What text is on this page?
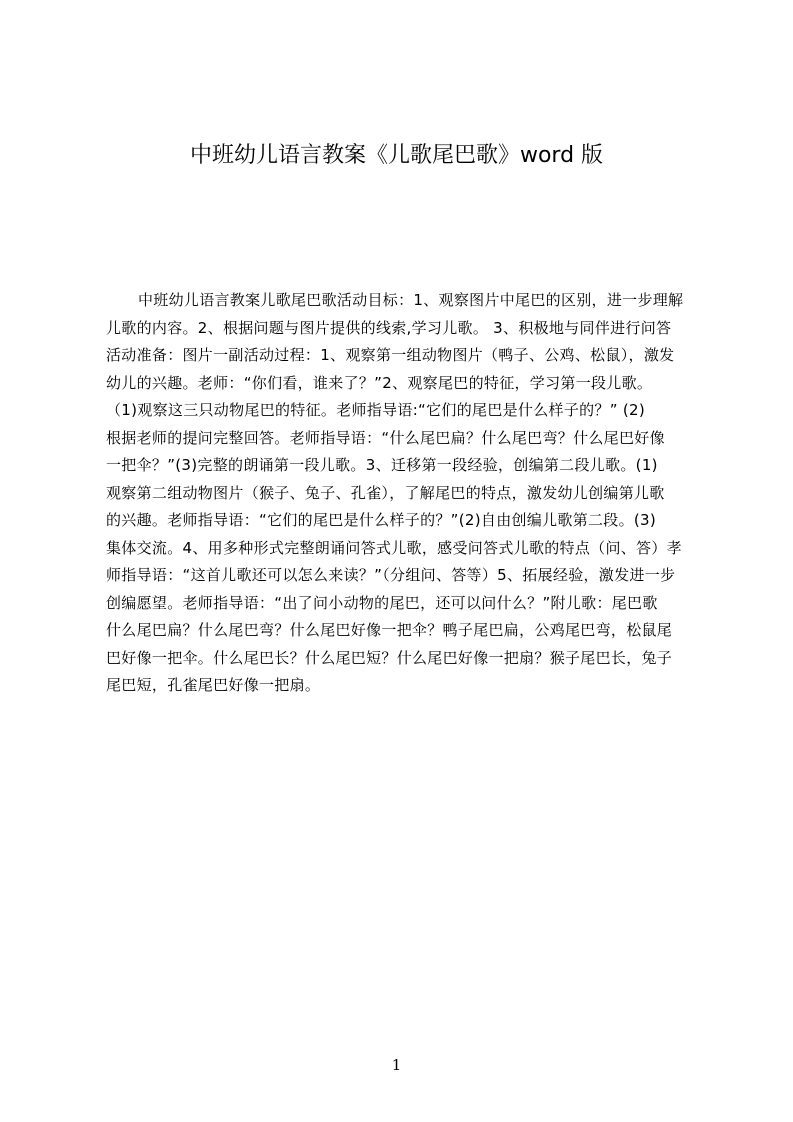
中班幼儿语言教案《儿歌尾巴歌》word 版
中班幼儿语言教案儿歌尾巴歌活动目标：1、观察图片中尾巴的区别，进一步理解
儿歌的内容。2、根据问题与图片提供的线索,学习儿歌。 3、积极地与同伴进行问答
活动准备：图片一副活动过程：1、观察第一组动物图片（鸭子、公鸡、松鼠），激发
幼儿的兴趣。老师：“你们看，谁来了？”2、观察尾巴的特征，学习第一段儿歌。
（1)观察这三只动物尾巴的特征。老师指导语:“它们的尾巴是什么样子的？” (2)
根据老师的提问完整回答。老师指导语：“什么尾巴扁？什么尾巴弯？什么尾巴好像
一把伞？”(3)完整的朗诵第一段儿歌。3、迁移第一段经验，创编第二段儿歌。(1)
观察第二组动物图片（猴子、兔子、孔雀），了解尾巴的特点，激发幼儿创编第儿歌
的兴趣。老师指导语：“它们的尾巴是什么样子的？”(2)自由创编儿歌第二段。(3)
集体交流。4、用多种形式完整朗诵问答式儿歌，感受问答式儿歌的特点（问、答）孝
师指导语：“这首儿歌还可以怎么来读？”（分组问、答等）5、拓展经验，激发进一步
创编愿望。老师指导语：“出了问小动物的尾巴，还可以问什么？”附儿歌：尾巴歌
什么尾巴扁？什么尾巴弯？什么尾巴好像一把伞？鸭子尾巴扁，公鸡尾巴弯，松鼠尾
巴好像一把伞。什么尾巴长？什么尾巴短？什么尾巴好像一把扇？猴子尾巴长，兔子
尾巴短，孔雀尾巴好像一把扇。
1
